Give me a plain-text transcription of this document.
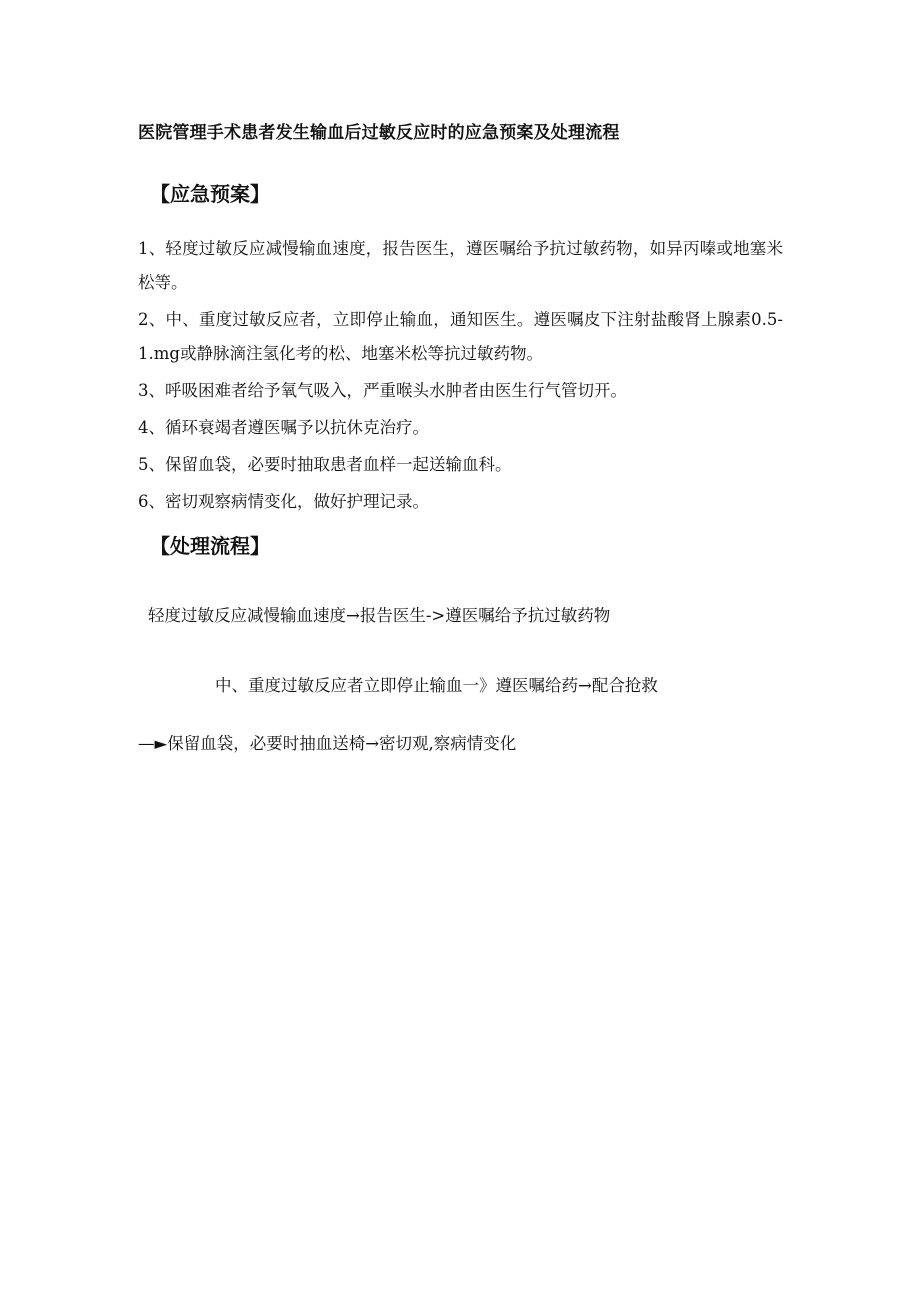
医院管理手术患者发生输血后过敏反应时的应急预案及处理流程
【应急预案】
1、轻度过敏反应减慢输血速度，报告医生，遵医嘱给予抗过敏药物，如异丙嗪或地塞米松等。
2、中、重度过敏反应者，立即停止输血，通知医生。遵医嘱皮下注射盐酸肾上腺素0.5-1.mg或静脉滴注氢化考的松、地塞米松等抗过敏药物。
3、呼吸困难者给予氧气吸入，严重喉头水肿者由医生行气管切开。
4、循环衰竭者遵医嘱予以抗休克治疗。
5、保留血袋，必要时抽取患者血样一起送输血科。
6、密切观察病情变化，做好护理记录。
【处理流程】
轻度过敏反应减慢输血速度→报告医生->遵医嘱给予抗过敏药物
中、重度过敏反应者立即停止输血一》遵医嘱给药→配合抢救
—►保留血袋，必要时抽血送椅→密切观,察病情变化
